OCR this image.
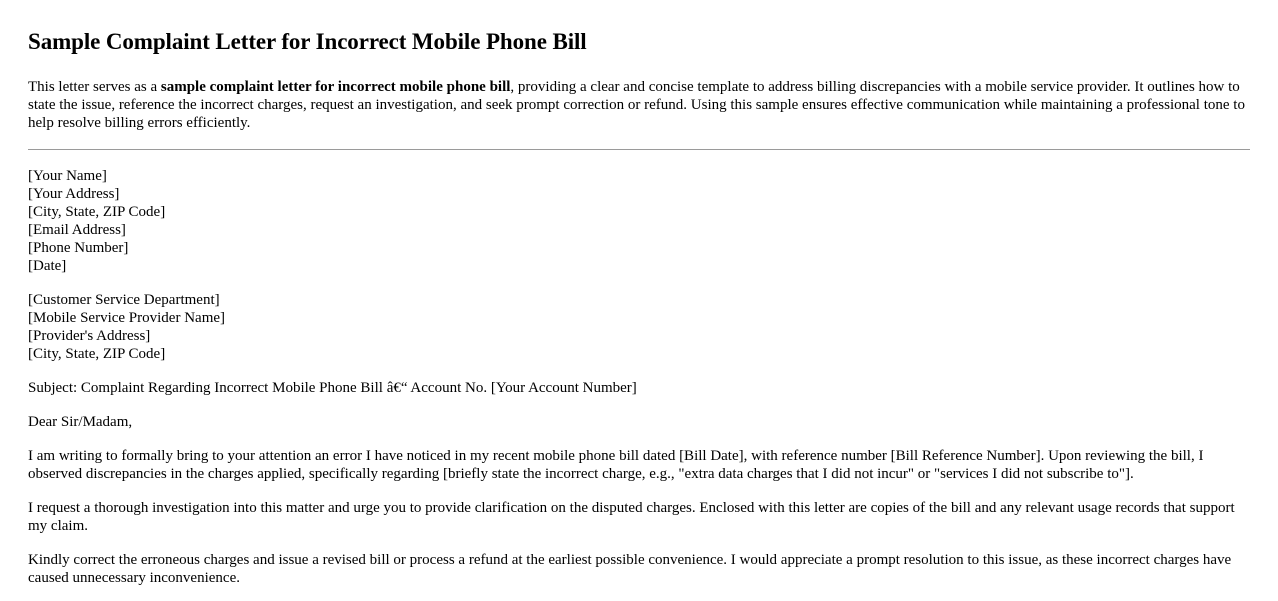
Sample Complaint Letter for Incorrect Mobile Phone Bill

This letter serves as a sample complaint letter for incorrect mobile phone bill, providing a clear and concise template to address billing discrepancies with a mobile service provider. It outlines how to state the issue, reference the incorrect charges, request an investigation, and seek prompt correction or refund. Using this sample ensures effective communication while maintaining a professional tone to help resolve billing errors efficiently.

[Your Name]
[Your Address]
[City, State, ZIP Code]
[Email Address]
[Phone Number]
[Date]
[Customer Service Department]
[Mobile Service Provider Name]
[Provider's Address]
[City, State, ZIP Code]

Subject: Complaint Regarding Incorrect Mobile Phone Bill â€“ Account No. [Your Account Number]

Dear Sir/Madam,

I am writing to formally bring to your attention an error I have noticed in my recent mobile phone bill dated [Bill Date], with reference number [Bill Reference Number]. Upon reviewing the bill, I observed discrepancies in the charges applied, specifically regarding [briefly state the incorrect charge, e.g., "extra data charges that I did not incur" or "services I did not subscribe to"].

I request a thorough investigation into this matter and urge you to provide clarification on the disputed charges. Enclosed with this letter are copies of the bill and any relevant usage records that support my claim.

Kindly correct the erroneous charges and issue a revised bill or process a refund at the earliest possible convenience. I would appreciate a prompt resolution to this issue, as these incorrect charges have caused unnecessary inconvenience.
